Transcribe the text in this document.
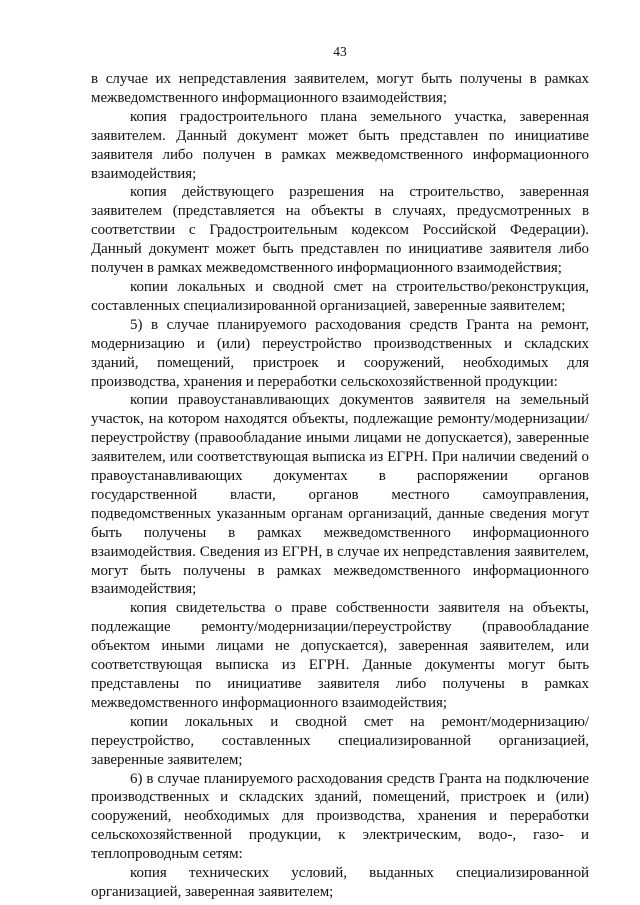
43

в случае их непредставления заявителем, могут быть получены в рамках межведомственного информационного взаимодействия;

копия градостроительного плана земельного участка, заверенная заявителем. Данный документ может быть представлен по инициативе заявителя либо получен в рамках межведомственного информационного взаимодействия;

копия действующего разрешения на строительство, заверенная заявителем (представляется на объекты в случаях, предусмотренных в соответствии с Градостроительным кодексом Российской Федерации). Данный документ может быть представлен по инициативе заявителя либо получен в рамках межведомственного информационного взаимодействия;

копии локальных и сводной смет на строительство/реконструкция, составленных специализированной организацией, заверенные заявителем;

5) в случае планируемого расходования средств Гранта на ремонт, модернизацию и (или) переустройство производственных и складских зданий, помещений, пристроек и сооружений, необходимых для производства, хранения и переработки сельскохозяйственной продукции:

копии правоустанавливающих документов заявителя на земельный участок, на котором находятся объекты, подлежащие ремонту/модернизации/переустройству (правообладание иными лицами не допускается), заверенные заявителем, или соответствующая выписка из ЕГРН. При наличии сведений о правоустанавливающих документах в распоряжении органов государственной власти, органов местного самоуправления, подведомственных указанным органам организаций, данные сведения могут быть получены в рамках межведомственного информационного взаимодействия. Сведения из ЕГРН, в случае их непредставления заявителем, могут быть получены в рамках межведомственного информационного взаимодействия;

копия свидетельства о праве собственности заявителя на объекты, подлежащие ремонту/модернизации/переустройству (правообладание объектом иными лицами не допускается), заверенная заявителем, или соответствующая выписка из ЕГРН. Данные документы могут быть представлены по инициативе заявителя либо получены в рамках межведомственного информационного взаимодействия;

копии локальных и сводной смет на ремонт/модернизацию/ переустройство, составленных специализированной организацией, заверенные заявителем;

6) в случае планируемого расходования средств Гранта на подключение производственных и складских зданий, помещений, пристроек и (или) сооружений, необходимых для производства, хранения и переработки сельскохозяйственной продукции, к электрическим, водо-, газо- и теплопроводным сетям:

копия технических условий, выданных специализированной организацией, заверенная заявителем;
